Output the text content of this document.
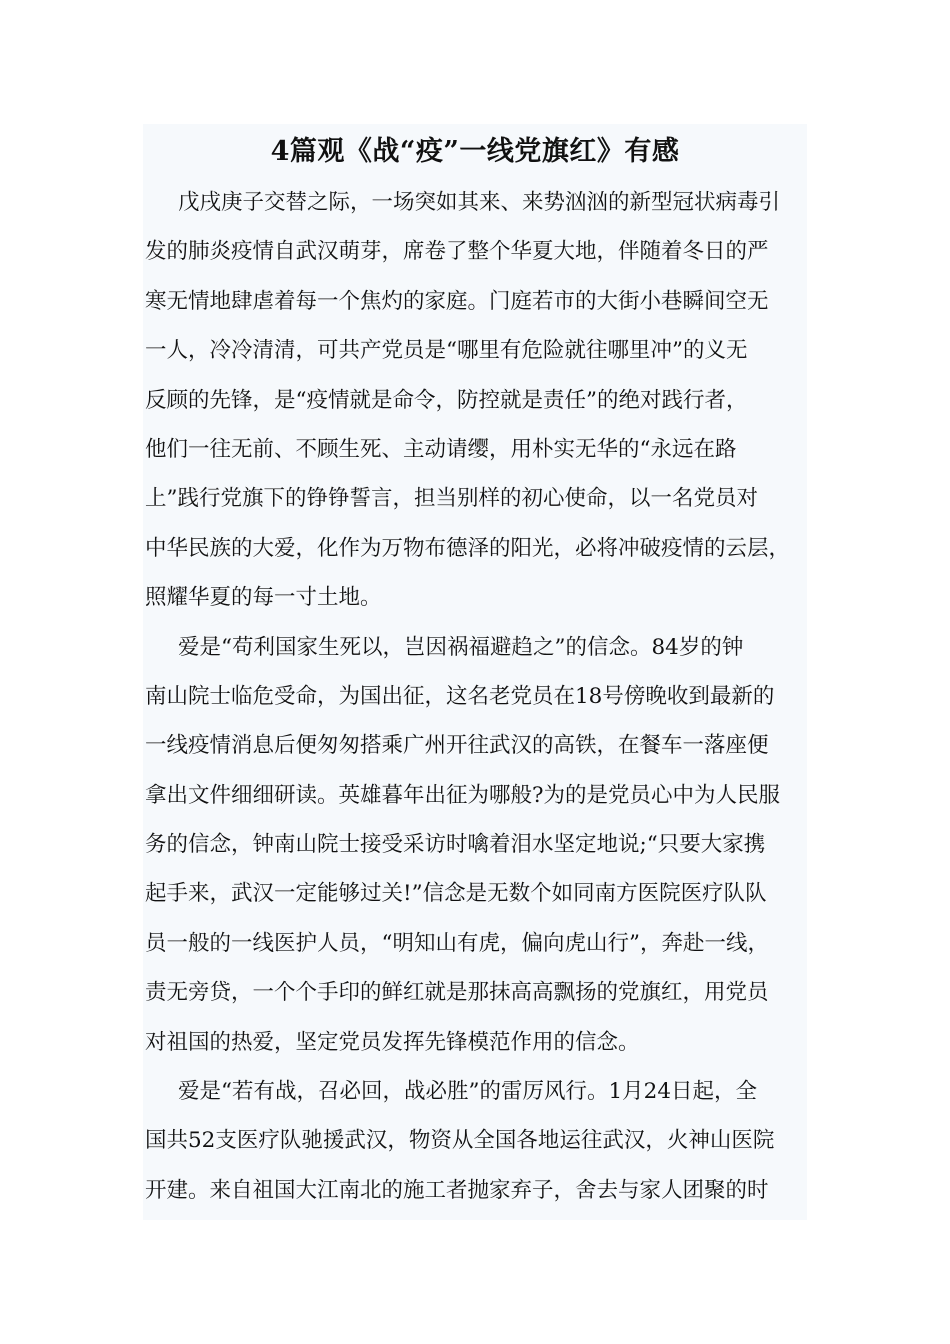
4篇观《战“疫”一线党旗红》有感
戊戌庚子交替之际，一场突如其来、来势汹汹的新型冠状病毒引
发的肺炎疫情自武汉萌芽，席卷了整个华夏大地，伴随着冬日的严
寒无情地肆虐着每一个焦灼的家庭。门庭若市的大街小巷瞬间空无
一人，冷冷清清，可共产党员是“哪里有危险就往哪里冲”的义无
反顾的先锋，是“疫情就是命令，防控就是责任”的绝对践行者，
他们一往无前、不顾生死、主动请缨，用朴实无华的“永远在路
上”践行党旗下的铮铮誓言，担当别样的初心使命，以一名党员对
中华民族的大爱，化作为万物布德泽的阳光，必将冲破疫情的云层，
照耀华夏的每一寸土地。
爱是“苟利国家生死以，岂因祸福避趋之”的信念。84岁的钟
南山院士临危受命，为国出征，这名老党员在18号傍晚收到最新的
一线疫情消息后便匆匆搭乘广州开往武汉的高铁，在餐车一落座便
拿出文件细细研读。英雄暮年出征为哪般?为的是党员心中为人民服
务的信念，钟南山院士接受采访时噙着泪水坚定地说;“只要大家携
起手来，武汉一定能够过关!”信念是无数个如同南方医院医疗队队
员一般的一线医护人员，“明知山有虎，偏向虎山行”，奔赴一线，
责无旁贷，一个个手印的鲜红就是那抹高高飘扬的党旗红，用党员
对祖国的热爱，坚定党员发挥先锋模范作用的信念。
爱是“若有战，召必回，战必胜”的雷厉风行。1月24日起，全
国共52支医疗队驰援武汉，物资从全国各地运往武汉，火神山医院
开建。来自祖国大江南北的施工者抛家弃子，舍去与家人团聚的时
